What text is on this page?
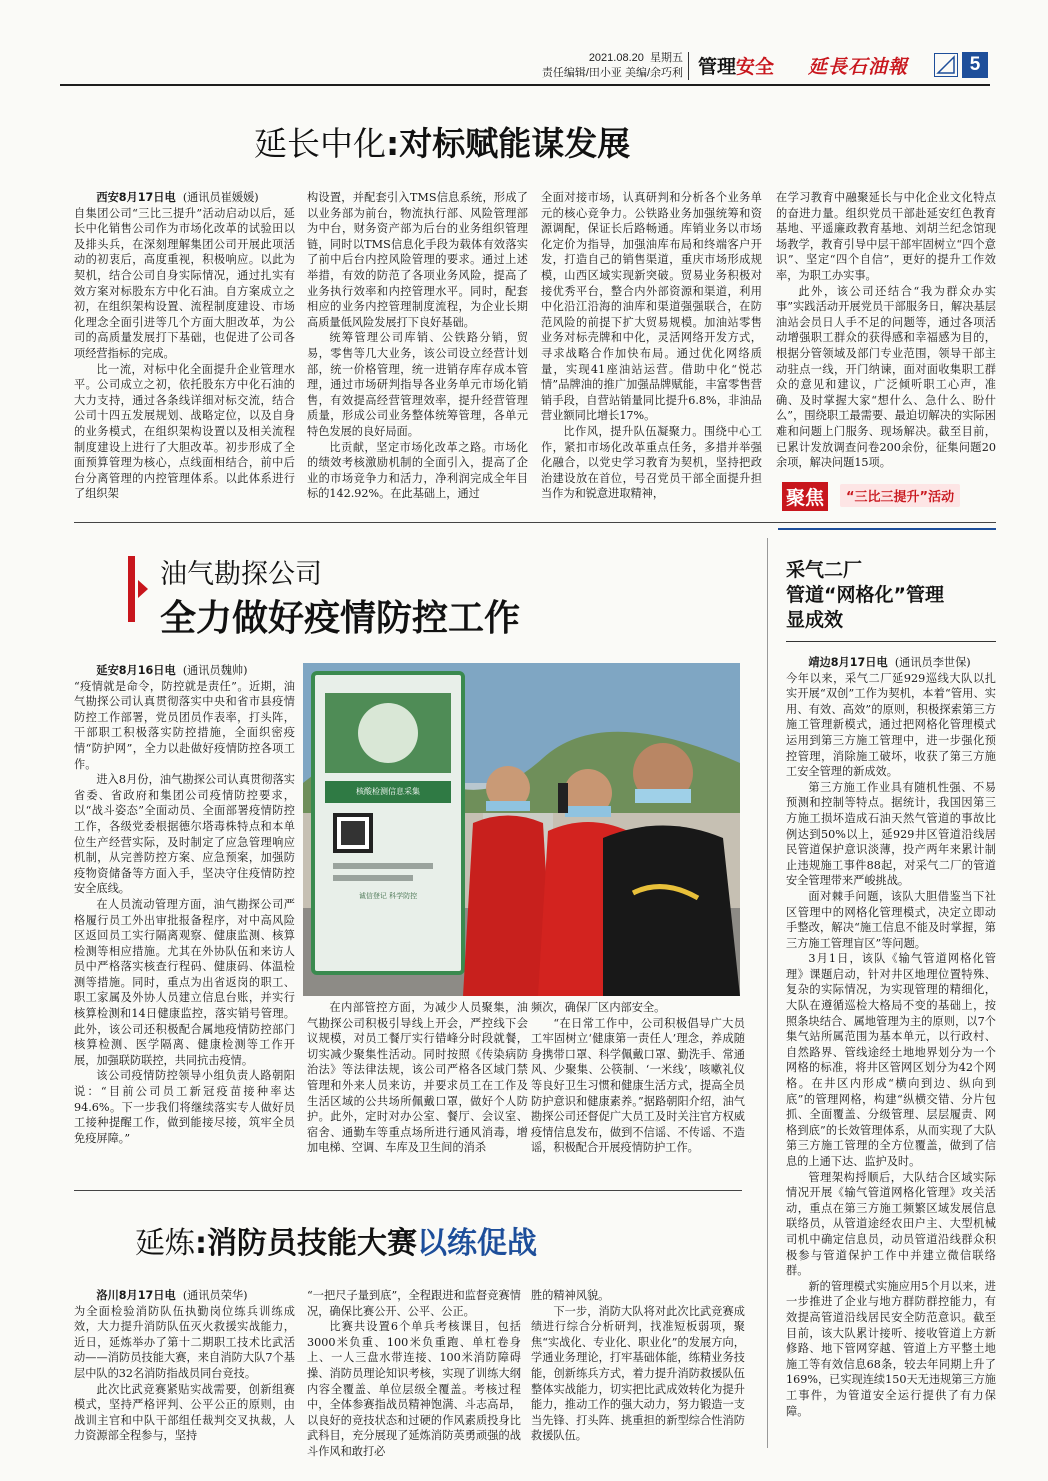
2021.08.20 星期五
责任编辑/田小亚 美编/余巧利 管理安全 延長石油報	5
延长中化:对标赋能谋发展

西安8月17日电 (通讯员崔媛媛)

自集团公司“三比三提升”活动启动以后，延长中化销售公司作为市场化改革的试验田以及排头兵，在深刻理解集团公司开展此项活动的初衷后，高度重视，积极响应。以此为契机，结合公司自身实际情况，通过扎实有效方案对标股东方中化石油。自方案成立之初，在组织架构设置、流程制度建设、市场化理念全面引进等几个方面大胆改革，为公司的高质量发展打下基础，也促进了公司各项经营指标的完成。

比一流，对标中化全面提升企业管理水平。公司成立之初，依托股东方中化石油的大力支持，通过各条线详细对标交流，结合公司十四五发展规划、战略定位，以及自身的业务模式，在组织架构设置以及相关流程制度建设上进行了大胆改革。初步形成了全面预算管理为核心，点线面相结合，前中后台分离管理的内控管理体系。以此体系进行了组织架

构设置，并配套引入TMS信息系统，形成了以业务部为前台，物流执行部、风险管理部为中台，财务资产部为后台的业务组织管理链，同时以TMS信息化手段为载体有效落实了前中后台内控风险管理的要求。通过上述举措，有效的防范了各项业务风险，提高了业务执行效率和内控管理水平。同时，配套相应的业务内控管理制度流程，为企业长期高质量低风险发展打下良好基础。

统筹管理公司库销、公铁路分销，贸易，零售等几大业务，该公司设立经营计划部，统一价格管理，统一进销存库存成本管理，通过市场研判指导各业务单元市场化销售，有效提高经营管理效率，提升经营管理质量，形成公司业务整体统筹管理，各单元特色发展的良好局面。

比贡献，坚定市场化改革之路。市场化的绩效考核激励机制的全面引入，提高了企业的市场竞争力和活力，净利润完成全年目标的142.92%。在此基础上，通过

全面对接市场，认真研判和分析各个业务单元的核心竞争力。公铁路业务加强统筹和资源调配，保证长后路畅通。库销业务以市场化定价为指导，加强油库布局和终端客户开发，打造自己的销售渠道，重庆市场形成规模，山西区域实现新突破。贸易业务积极对接优秀平台，整合内外部资源和渠道，利用中化沿江沿海的油库和渠道强强联合，在防范风险的前提下扩大贸易规模。加油站零售业务对标壳牌和中化，灵活网络开发方式，寻求战略合作加快布局。通过优化网络质量，实现41座油站运营。借助中化“悦芯情”品牌油的推广加强品牌赋能，丰富零售营销手段，自营站销量同比提升6.8%，非油品营业额同比增长17%。

比作风，提升队伍凝聚力。围绕中心工作，紧扣市场化改革重点任务，多措并举强化融合，以党史学习教育为契机，坚持把政治建设放在首位，号召党员干部全面提升担当作为和锐意进取精神，

在学习教育中融聚延长与中化企业文化特点的奋进力量。组织党员干部赴延安红色教育基地、平遥廉政教育基地、刘胡兰纪念馆现场教学，教育引导中层干部牢固树立“四个意识”、坚定“四个自信”，更好的提升工作效率，为职工办实事。

此外，该公司还结合“我为群众办实事”实践活动开展党员干部服务日，解决基层油站会员日人手不足的问题等，通过各项活动增强职工群众的获得感和幸福感为目的，根据分管领域及部门专业范围，领导干部主动驻点一线，开门纳谏，面对面收集职工群众的意见和建议，广泛倾听职工心声，准确、及时掌握大家“想什么、急什么、盼什么”，围绕职工最需要、最迫切解决的实际困难和问题上门服务、现场解决。截至目前，已累计发放调查问卷200余份，征集问题20余项，解决问题15项。

聚焦	“三比三提升”活动
油气勘探公司
全力做好疫情防控工作

延安8月16日电 (通讯员魏帅)

“疫情就是命令，防控就是责任”。近期，油气勘探公司认真贯彻落实中央和省市县疫情防控工作部署，党员团员作表率，打头阵，干部职工积极落实防控措施，全面织密疫情“防护网”，全力以赴做好疫情防控各项工作。

进入8月份，油气勘探公司认真贯彻落实省委、省政府和集团公司疫情防控要求，以“战斗姿态”全面动员、全面部署疫情防控工作，各级党委根据德尔塔毒株特点和本单位生产经营实际，及时制定了应急管理响应机制，从完善防控方案、应急预案，加强防疫物资储备等方面入手，坚决守住疫情防控安全底线。

在人员流动管理方面，油气勘探公司严格履行员工外出审批报备程序，对中高风险区返回员工实行隔离观察、健康监测、核算检测等相应措施。尤其在外协队伍和来访人员中严格落实核查行程码、健康码、体温检测等措施。同时，重点为出省返岗的职工、职工家属及外协人员建立信息台账，并实行核算检测和14日健康监控，落实销号管理。此外，该公司还积极配合属地疫情防控部门核算检测、医学隔离、健康检测等工作开展，加强联防联控，共同抗击疫情。

该公司疫情防控领导小组负责人路朝阳说：“目前公司员工新冠疫苗接种率达94.6%。下一步我们将继续落实专人做好员工接种提醒工作，做到能接尽接，筑牢全员免疫屏障。”

核酸检测信息采集
诚信登记 科学防控

在内部管控方面，为减少人员聚集，油气勘探公司积极引导线上开会，严控线下会议规模，对员工餐厅实行错峰分时段就餐，切实减少聚集性活动。同时按照《传染病防治法》等法律法规，该公司严格各区域门禁管理和外来人员来访，并要求员工在工作及生活区域的公共场所佩戴口罩，做好个人防护。此外，定时对办公室、餐厅、会议室、宿舍、通勤车等重点场所进行通风消毒，增加电梯、空调、车库及卫生间的消杀

频次，确保厂区内部安全。

“在日常工作中，公司积极倡导广大员工牢固树立‘健康第一责任人’理念，养成随身携带口罩、科学佩戴口罩、勤洗手、常通风、少聚集、公筷制、‘一米线’，咳嗽礼仪等良好卫生习惯和健康生活方式，提高全员防护意识和健康素养。”据路朝阳介绍，油气勘探公司还督促广大员工及时关注官方权威疫情信息发布，做到不信谣、不传谣、不造谣，积极配合开展疫情防护工作。

采气二厂
管道“网格化”管理
显成效

靖边8月17日电 (通讯员李世保)

今年以来，采气二厂延929巡线大队以扎实开展“双创”工作为契机，本着“管用、实用、有效、高效”的原则，积极探索第三方施工管理新模式，通过把网格化管理模式运用到第三方施工管理中，进一步强化预控管理，消除施工破坏，收获了第三方施工安全管理的新成效。

第三方施工作业具有随机性强、不易预测和控制等特点。据统计，我国因第三方施工损坏造成石油天然气管道的事故比例达到50%以上，延929井区管道沿线居民管道保护意识淡薄，投产两年来累计制止违规施工事件88起，对采气二厂的管道安全管理带来严峻挑战。

面对棘手问题，该队大胆借鉴当下社区管理中的网格化管理模式，决定立即动手整改，解决“施工信息不能及时掌握，第三方施工管理盲区”等问题。

3月1日，该队《输气管道网格化管理》课题启动，针对井区地理位置特殊、复杂的实际情况，为实现管理的精细化，大队在遵循巡检大格局不变的基础上，按照条块结合、属地管理为主的原则，以7个集气站所属范围为基本单元，以行政村、自然路界、管线途经土地地界划分为一个网格的标准，将井区管网区划分为42个网格。在井区内形成“横向到边、纵向到底”的管理网格，构建“纵横交错、分片包抓、全面覆盖、分级管理、层层履责、网格到底”的长效管理体系，从而实现了大队第三方施工管理的全方位覆盖，做到了信息的上通下达、监护及时。

管理架构捋顺后，大队结合区域实际情况开展《输气管道网格化管理》攻关活动，重点在第三方施工频繁区域发展信息联络员，从管道途经农田户主、大型机械司机中确定信息员，动员管道沿线群众积极参与管道保护工作中并建立微信联络群。

新的管理模式实施应用5个月以来，进一步推进了企业与地方群防群控能力，有效提高管道沿线居民安全防范意识。截至目前，该大队累计接听、接收管道上方新修路、地下管网穿越、管道上方平整土地施工等有效信息68条，较去年同期上升了169%，已实现连续150天无违规第三方施工事件，为管道安全运行提供了有力保障。

延炼:消防员技能大赛以练促战

洛川8月17日电 (通讯员荣华)

为全面检验消防队伍执勤岗位练兵训练成效，大力提升消防队伍灭火救援实战能力，近日，延炼举办了第十二期职工技术比武活动——消防员技能大赛，来自消防大队7个基层中队的32名消防指战员同台竞技。

此次比武竞赛紧贴实战需要，创新组赛模式，坚持严格评判、公平公正的原则，由战训主官和中队干部组任裁判交叉执裁，人力资源部全程参与，坚持

“一把尺子量到底”，全程跟进和监督竞赛情况，确保比赛公开、公平、公正。

比赛共设置6个单兵考核课目，包括3000米负重、100米负重跑、单杠卷身上、一人三盘水带连接、100米消防障碍操、消防员理论知识考核，实现了训练大纲内容全覆盖、单位层级全覆盖。考核过程中，全体参赛指战员精神饱满、斗志高昂，以良好的竞技状态和过硬的作风素质投身比武科目，充分展现了延炼消防英勇顽强的战斗作风和敢打必

胜的精神风貌。

下一步，消防大队将对此次比武竞赛成绩进行综合分析研判，找准短板弱项，聚焦“实战化、专业化、职业化”的发展方向，学通业务理论，打牢基础体能，练精业务技能，创新练兵方式，着力提升消防救援队伍整体实战能力，切实把比武成效转化为提升能力，推动工作的强大动力，努力锻造一支当先锋、打头阵、挑重担的新型综合性消防救援队伍。
